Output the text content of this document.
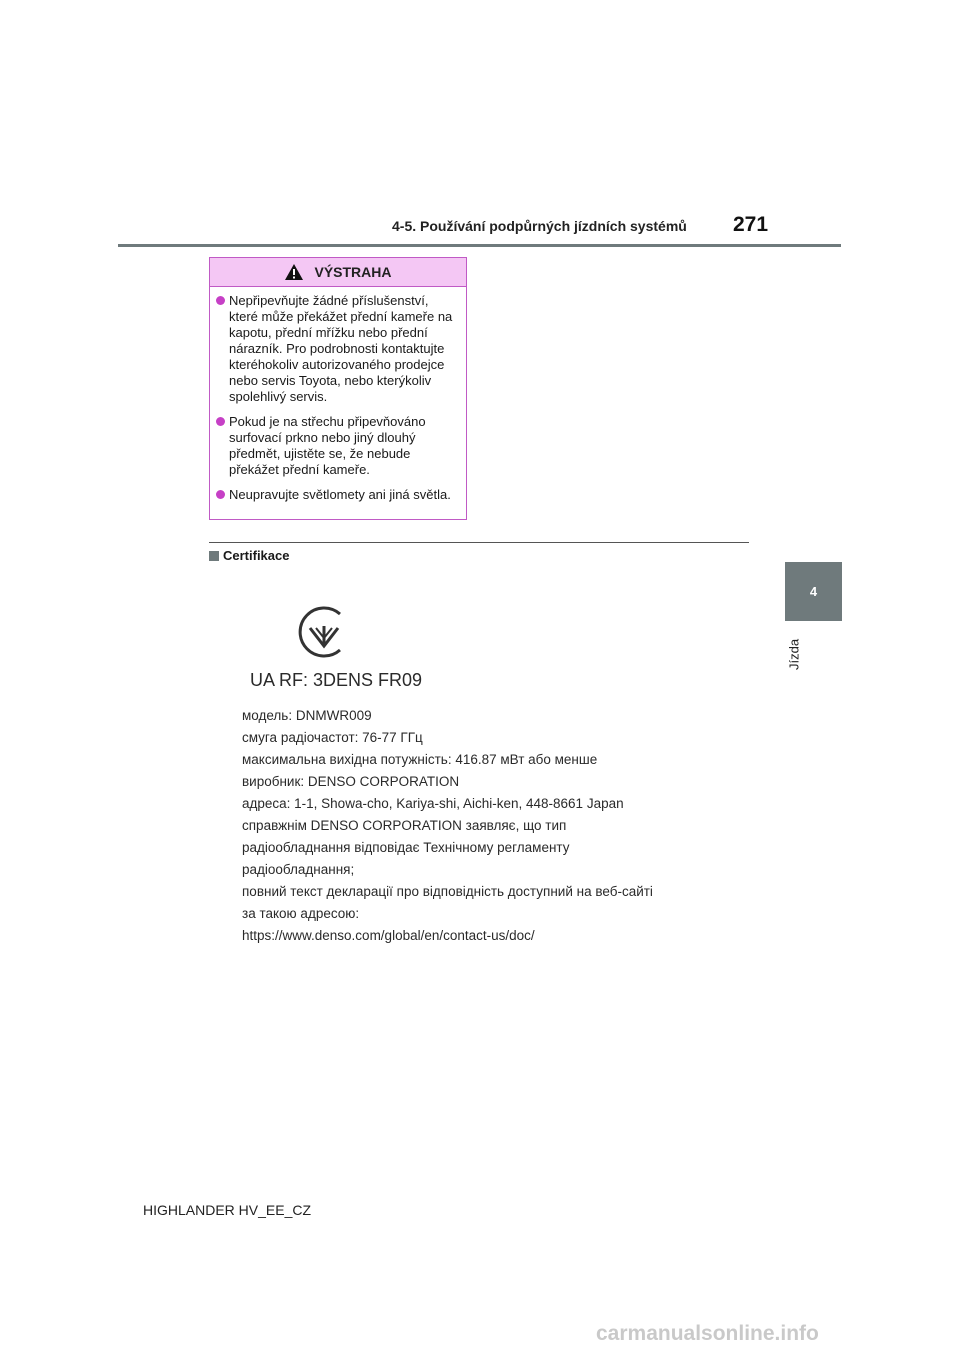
4-5. Používání podpůrných jízdních systémů 271
4
Jízda
VÝSTRAHA
Nepřipevňujte žádné příslušenství, které může překážet přední kameře na kapotu, přední mřížku nebo přední nárazník. Pro podrobnosti kontaktujte kteréhokoliv autorizovaného prodejce nebo servis Toyota, nebo kterýkoliv spolehlivý servis.
Pokud je na střechu připevňováno surfovací prkno nebo jiný dlouhý předmět, ujistěte se, že nebude překážet přední kameře.
Neupravujte světlomety ani jiná světla.
Certifikace
UA RF: 3DENS FR09
модель: DNMWR009
смуга радіочастот: 76-77 ГГц
максимальна вихідна потужність: 416.87 мВт або менше
виробник: DENSO CORPORATION
адреса: 1-1, Showa-cho, Kariya-shi, Aichi-ken, 448-8661 Japan
справжнім DENSO CORPORATION заявляє, що тип
радіообладнання відповідає Технічному регламенту
радіообладнання;
повний текст декларації про відповідність доступний на веб-сайті
за такою адресою:
https://www.denso.com/global/en/contact-us/doc/
HIGHLANDER HV_EE_CZ
carmanualsonline.info
